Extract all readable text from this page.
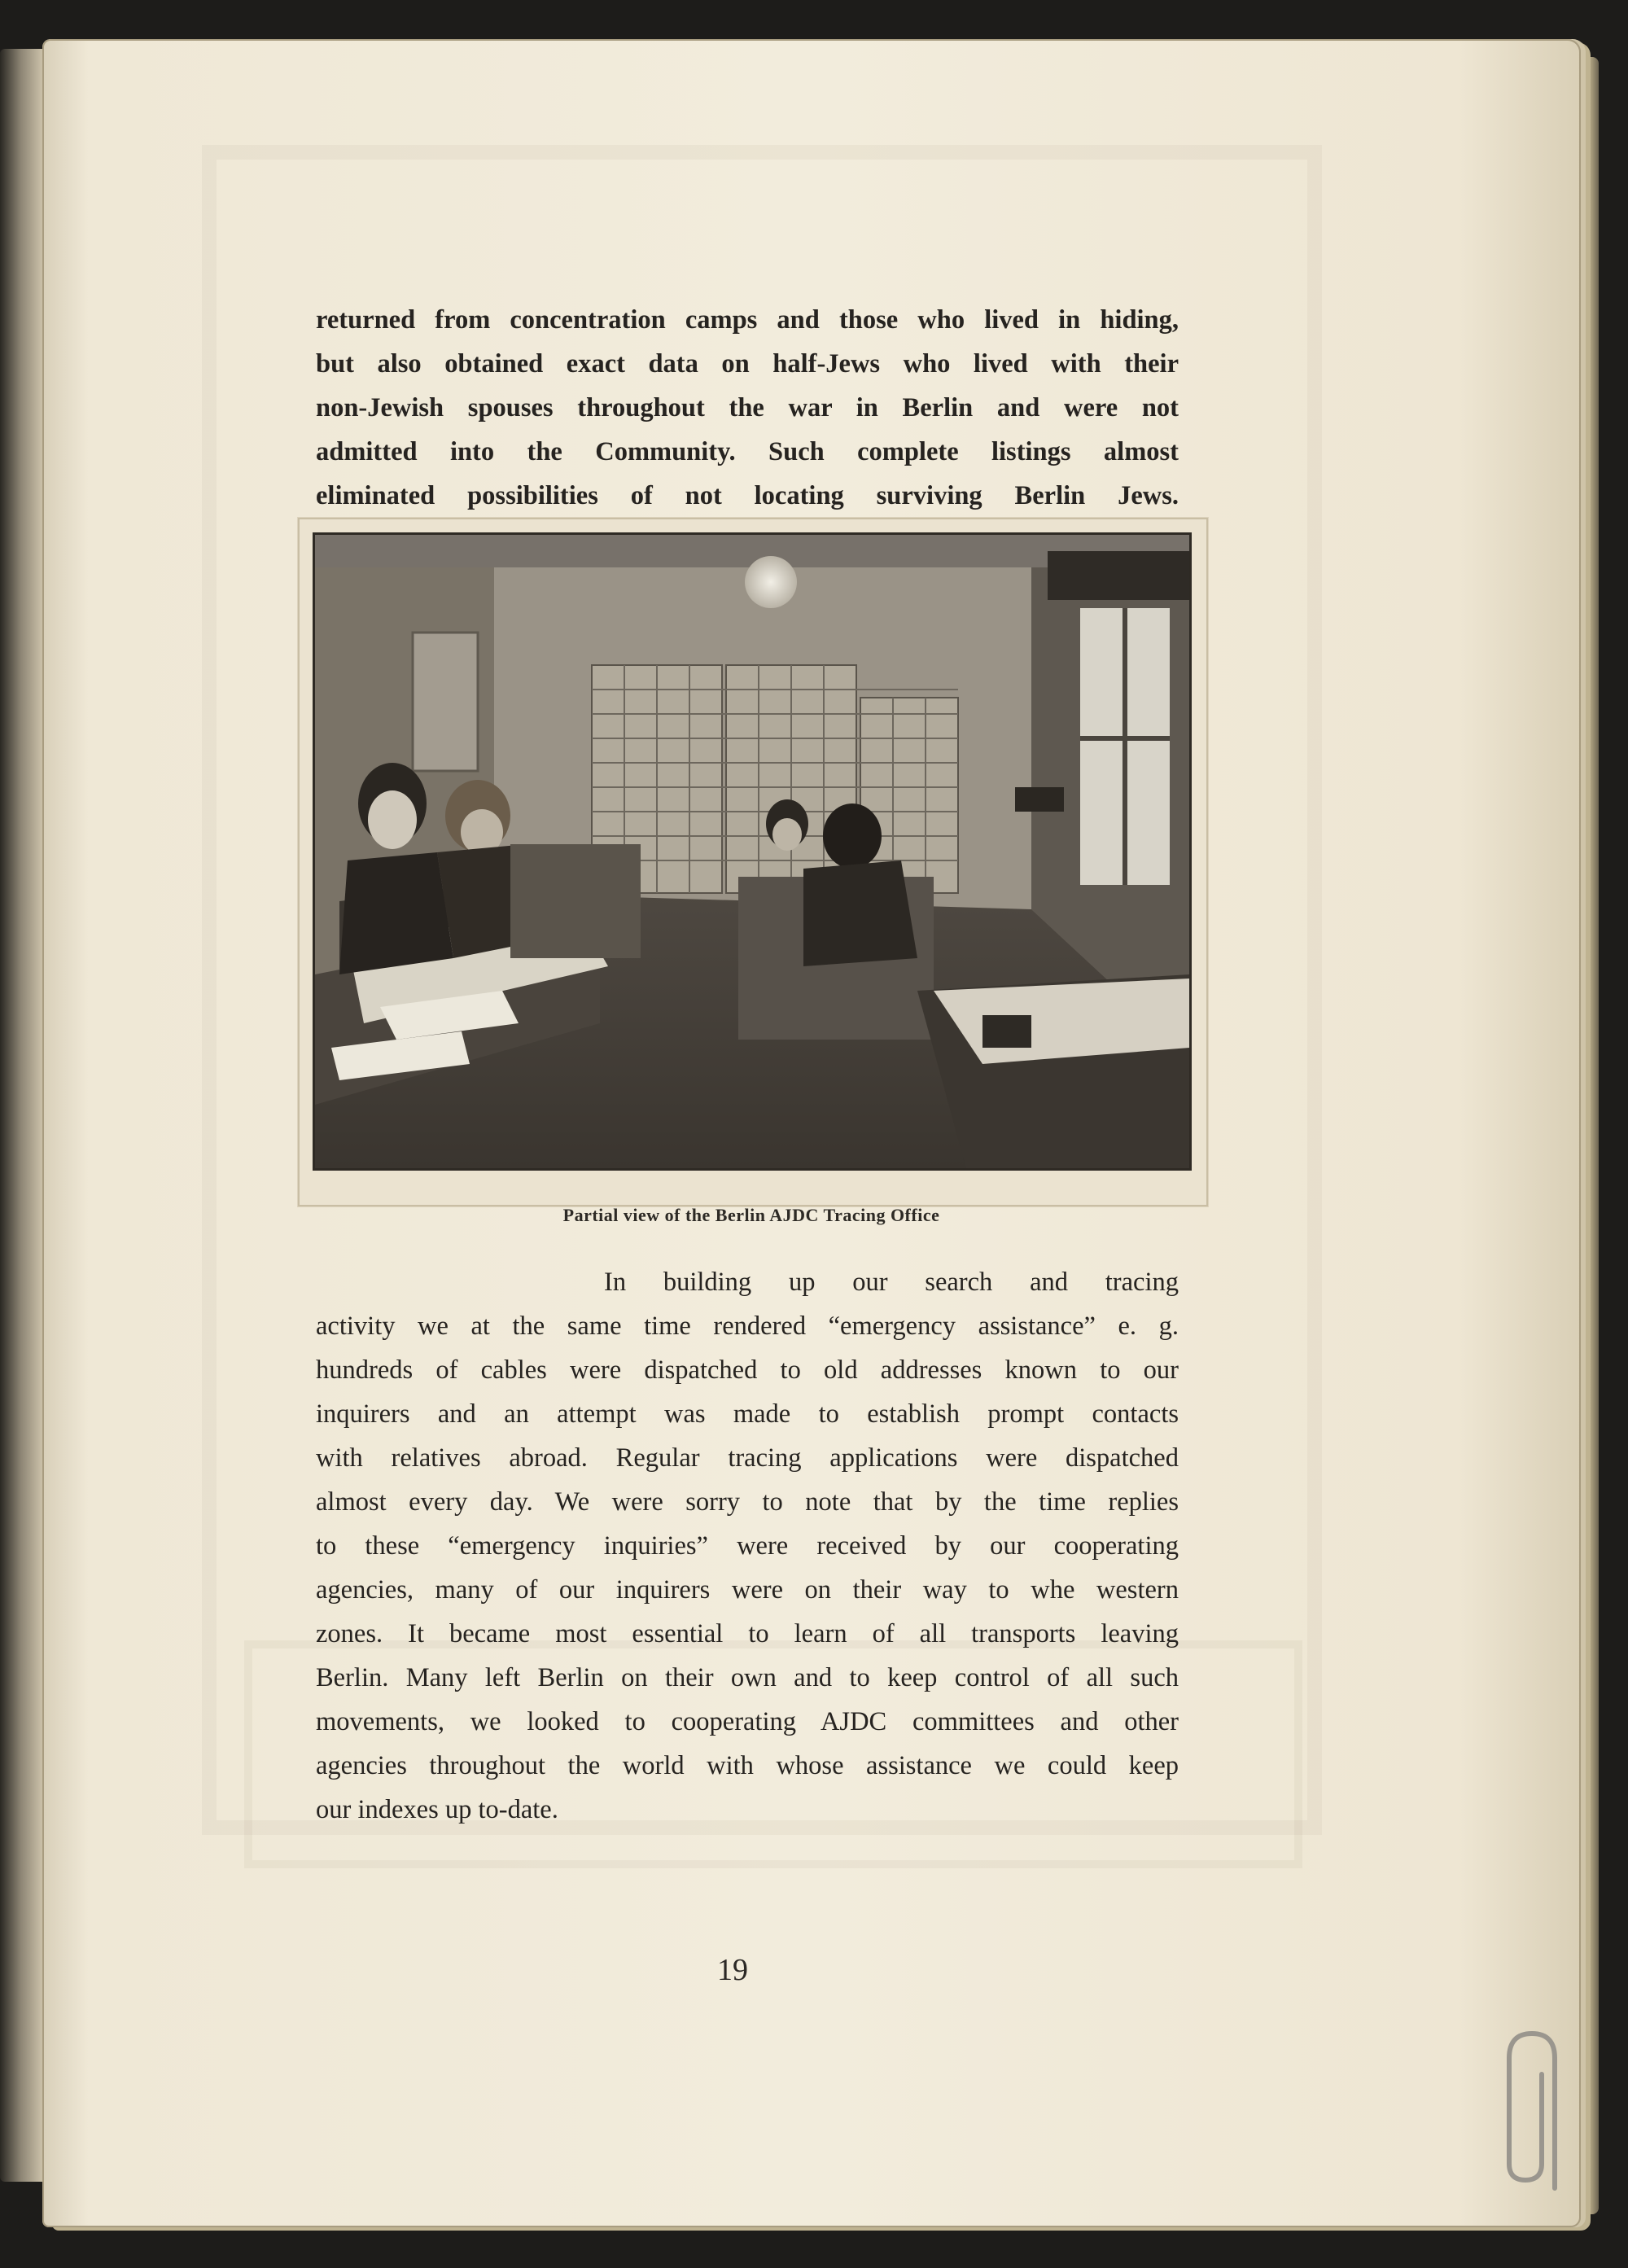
returned from concentration camps and those who lived in hiding,
but also obtained exact data on half-Jews who lived with their
non-Jewish spouses throughout the war in Berlin and were not
admitted into the Community. Such complete listings almost
eliminated possibilities of not locating surviving Berlin Jews.
Partial view of the Berlin AJDC Tracing Office
In building up our search and tracing
activity we at the same time rendered “emergency assistance” e. g.
hundreds of cables were dispatched to old addresses known to our
inquirers and an attempt was made to establish prompt contacts
with relatives abroad. Regular tracing applications were dispatched
almost every day. We were sorry to note that by the time replies
to these “emergency inquiries” were received by our cooperating
agencies, many of our inquirers were on their way to whe western
zones. It became most essential to learn of all transports leaving
Berlin. Many left Berlin on their own and to keep control of all such
movements, we looked to cooperating AJDC committees and other
agencies throughout the world with whose assistance we could keep
our indexes up to-date.
19
